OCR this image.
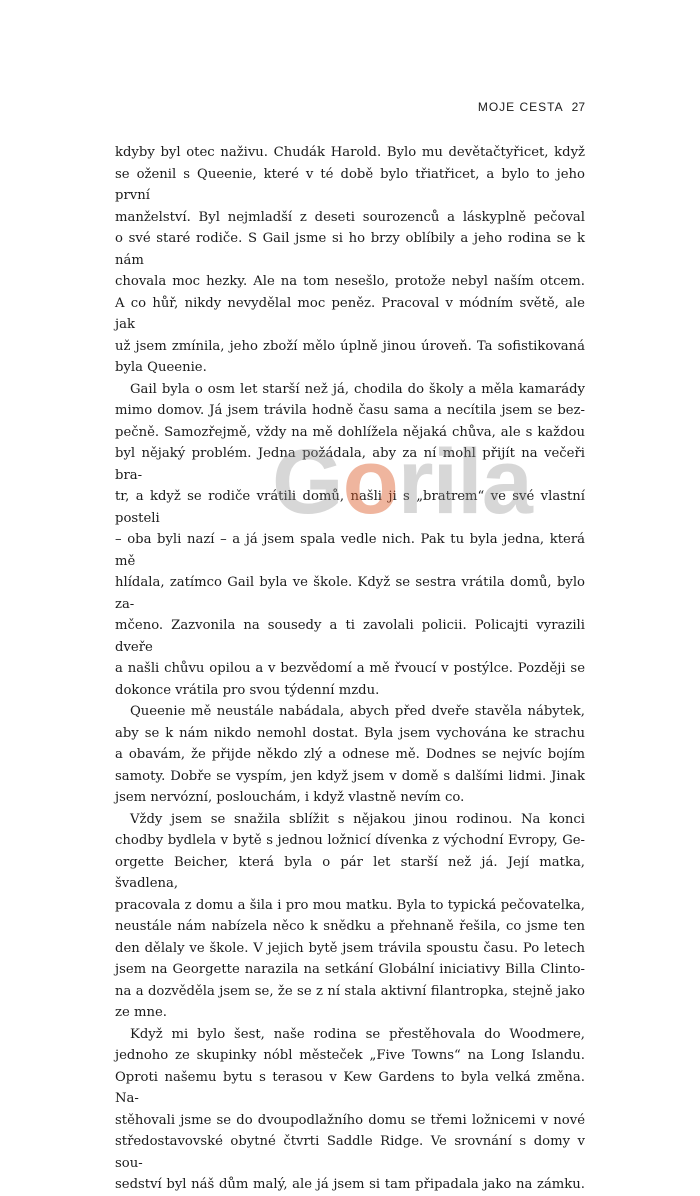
MOJE CESTA 27

kdyby byl otec naživu. Chudák Harold. Bylo mu devětačtyřicet, když
se oženil s Queenie, které v té době bylo třiatřicet, a bylo to jeho první
manželství. Byl nejmladší z deseti sourozenců a láskyplně pečoval
o své staré rodiče. S Gail jsme si ho brzy oblíbily a jeho rodina se k nám
chovala moc hezky. Ale na tom nesešlo, protože nebyl naším otcem.
A co hůř, nikdy nevydělal moc peněz. Pracoval v módním světě, ale jak
už jsem zmínila, jeho zboží mělo úplně jinou úroveň. Ta sofistikovaná
byla Queenie.

Gail byla o osm let starší než já, chodila do školy a měla kamarády
mimo domov. Já jsem trávila hodně času sama a necítila jsem se bez-
pečně. Samozřejmě, vždy na mě dohlížela nějaká chůva, ale s každou
byl nějaký problém. Jedna požádala, aby za ní mohl přijít na večeři bra-
tr, a když se rodiče vrátili domů, našli ji s „bratrem“ ve své vlastní posteli
– oba byli nazí – a já jsem spala vedle nich. Pak tu byla jedna, která mě
hlídala, zatímco Gail byla ve škole. Když se sestra vrátila domů, bylo za-
mčeno. Zazvonila na sousedy a ti zavolali policii. Policajti vyrazili dveře
a našli chůvu opilou a v bezvědomí a mě řvoucí v postýlce. Později se
dokonce vrátila pro svou týdenní mzdu.

Queenie mě neustále nabádala, abych před dveře stavěla nábytek,
aby se k nám nikdo nemohl dostat. Byla jsem vychována ke strachu
a obavám, že přijde někdo zlý a odnese mě. Dodnes se nejvíc bojím
samoty. Dobře se vyspím, jen když jsem v domě s dalšími lidmi. Jinak
jsem nervózní, poslouchám, i když vlastně nevím co.

Vždy jsem se snažila sblížit s nějakou jinou rodinou. Na konci
chodby bydlela v bytě s jednou ložnicí dívenka z východní Evropy, Ge-
orgette Beicher, která byla o pár let starší než já. Její matka, švadlena,
pracovala z domu a šila i pro mou matku. Byla to typická pečovatelka,
neustále nám nabízela něco k snědku a přehnaně řešila, co jsme ten
den dělaly ve škole. V jejich bytě jsem trávila spoustu času. Po letech
jsem na Georgette narazila na setkání Globální iniciativy Billa Clinto-
na a dozvěděla jsem se, že se z ní stala aktivní filantropka, stejně jako
ze mne.

Když mi bylo šest, naše rodina se přestěhovala do Woodmere,
jednoho ze skupinky nóbl městeček „Five Towns“ na Long Islandu.
Oproti našemu bytu s terasou v Kew Gardens to byla velká změna. Na-
stěhovali jsme se do dvoupodlažního domu se třemi ložnicemi v nové
středostavovské obytné čtvrti Saddle Ridge. Ve srovnání s domy v sou-
sedství byl náš dům malý, ale já jsem si tam připadala jako na zámku.

Gorila
